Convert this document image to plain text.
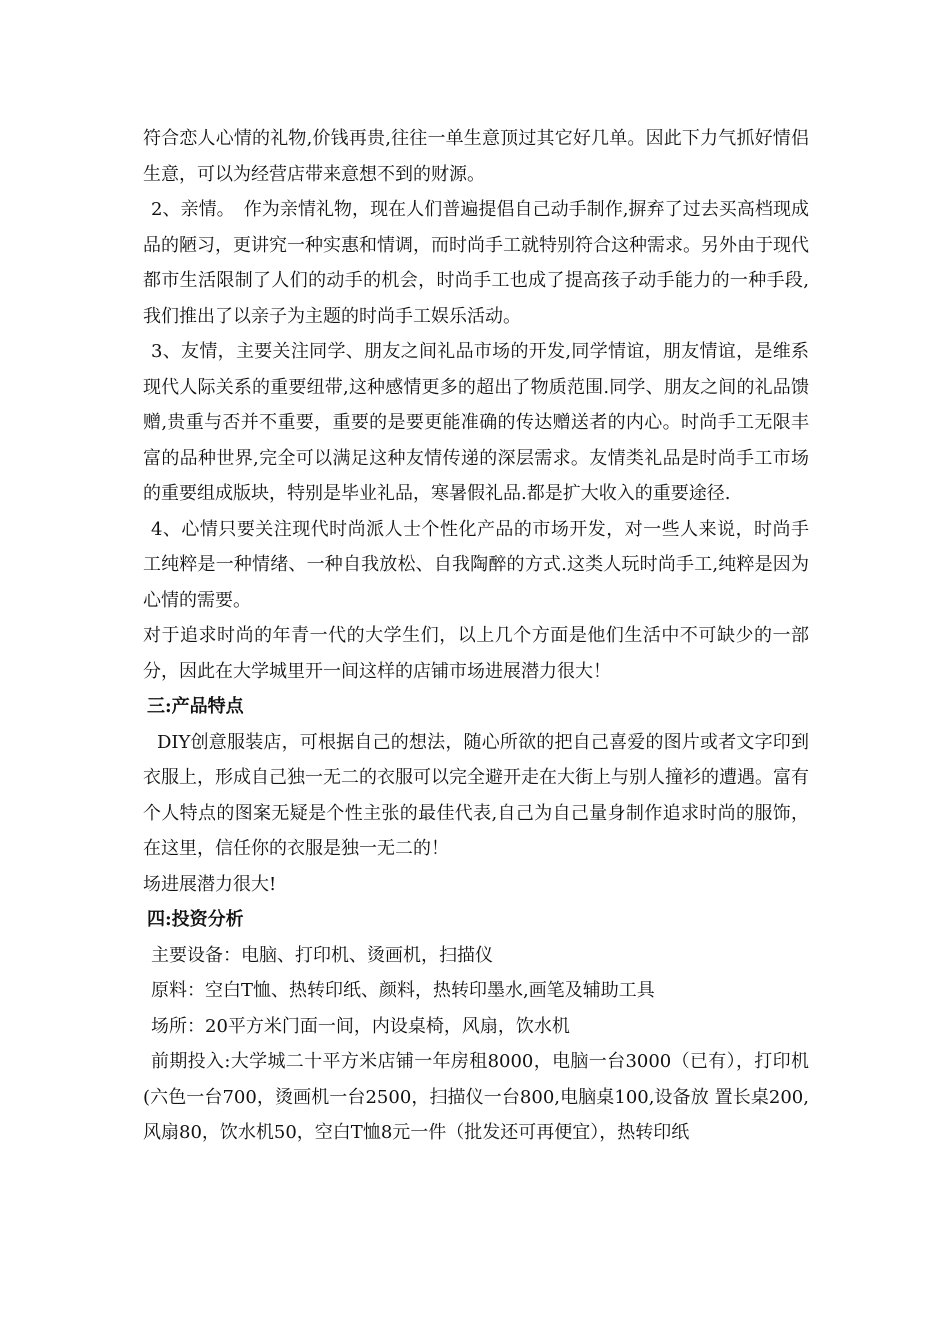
符合恋人心情的礼物,价钱再贵,往往一单生意顶过其它好几单。因此下力气抓好情侣生意，可以为经营店带来意想不到的财源。

2、亲情。　作为亲情礼物，现在人们普遍提倡自己动手制作,摒弃了过去买高档现成品的陋习，更讲究一种实惠和情调，而时尚手工就特别符合这种需求。另外由于现代都市生活限制了人们的动手的机会，时尚手工也成了提高孩子动手能力的一种手段,我们推出了以亲子为主题的时尚手工娱乐活动。

3、友情，主要关注同学、朋友之间礼品市场的开发,同学情谊，朋友情谊，是维系现代人际关系的重要纽带,这种感情更多的超出了物质范围.同学、朋友之间的礼品馈赠,贵重与否并不重要，重要的是要更能准确的传达赠送者的内心。时尚手工无限丰富的品种世界,完全可以满足这种友情传递的深层需求。友情类礼品是时尚手工市场的重要组成版块，特别是毕业礼品，寒暑假礼品.都是扩大收入的重要途径.

4、心情只要关注现代时尚派人士个性化产品的市场开发，对一些人来说，时尚手工纯粹是一种情绪、一种自我放松、自我陶醉的方式.这类人玩时尚手工,纯粹是因为心情的需要。

对于追求时尚的年青一代的大学生们，以上几个方面是他们生活中不可缺少的一部分，因此在大学城里开一间这样的店铺市场进展潜力很大！

三:产品特点

DIY创意服装店，可根据自己的想法，随心所欲的把自己喜爱的图片或者文字印到衣服上，形成自己独一无二的衣服可以完全避开走在大街上与别人撞衫的遭遇。富有个人特点的图案无疑是个性主张的最佳代表,自己为自己量身制作追求时尚的服饰，在这里，信任你的衣服是独一无二的！

场进展潜力很大!

四:投资分析

主要设备：电脑、打印机、烫画机，扫描仪

原料：空白T恤、热转印纸、颜料，热转印墨水,画笔及辅助工具

场所：20平方米门面一间，内设桌椅，风扇，饮水机

前期投入:大学城二十平方米店铺一年房租8000，电脑一台3000（已有），打印机(六色一台700，烫画机一台2500，扫描仪一台800,电脑桌100,设备放 置长桌200,风扇80，饮水机50，空白T恤8元一件（批发还可再便宜），热转印纸
